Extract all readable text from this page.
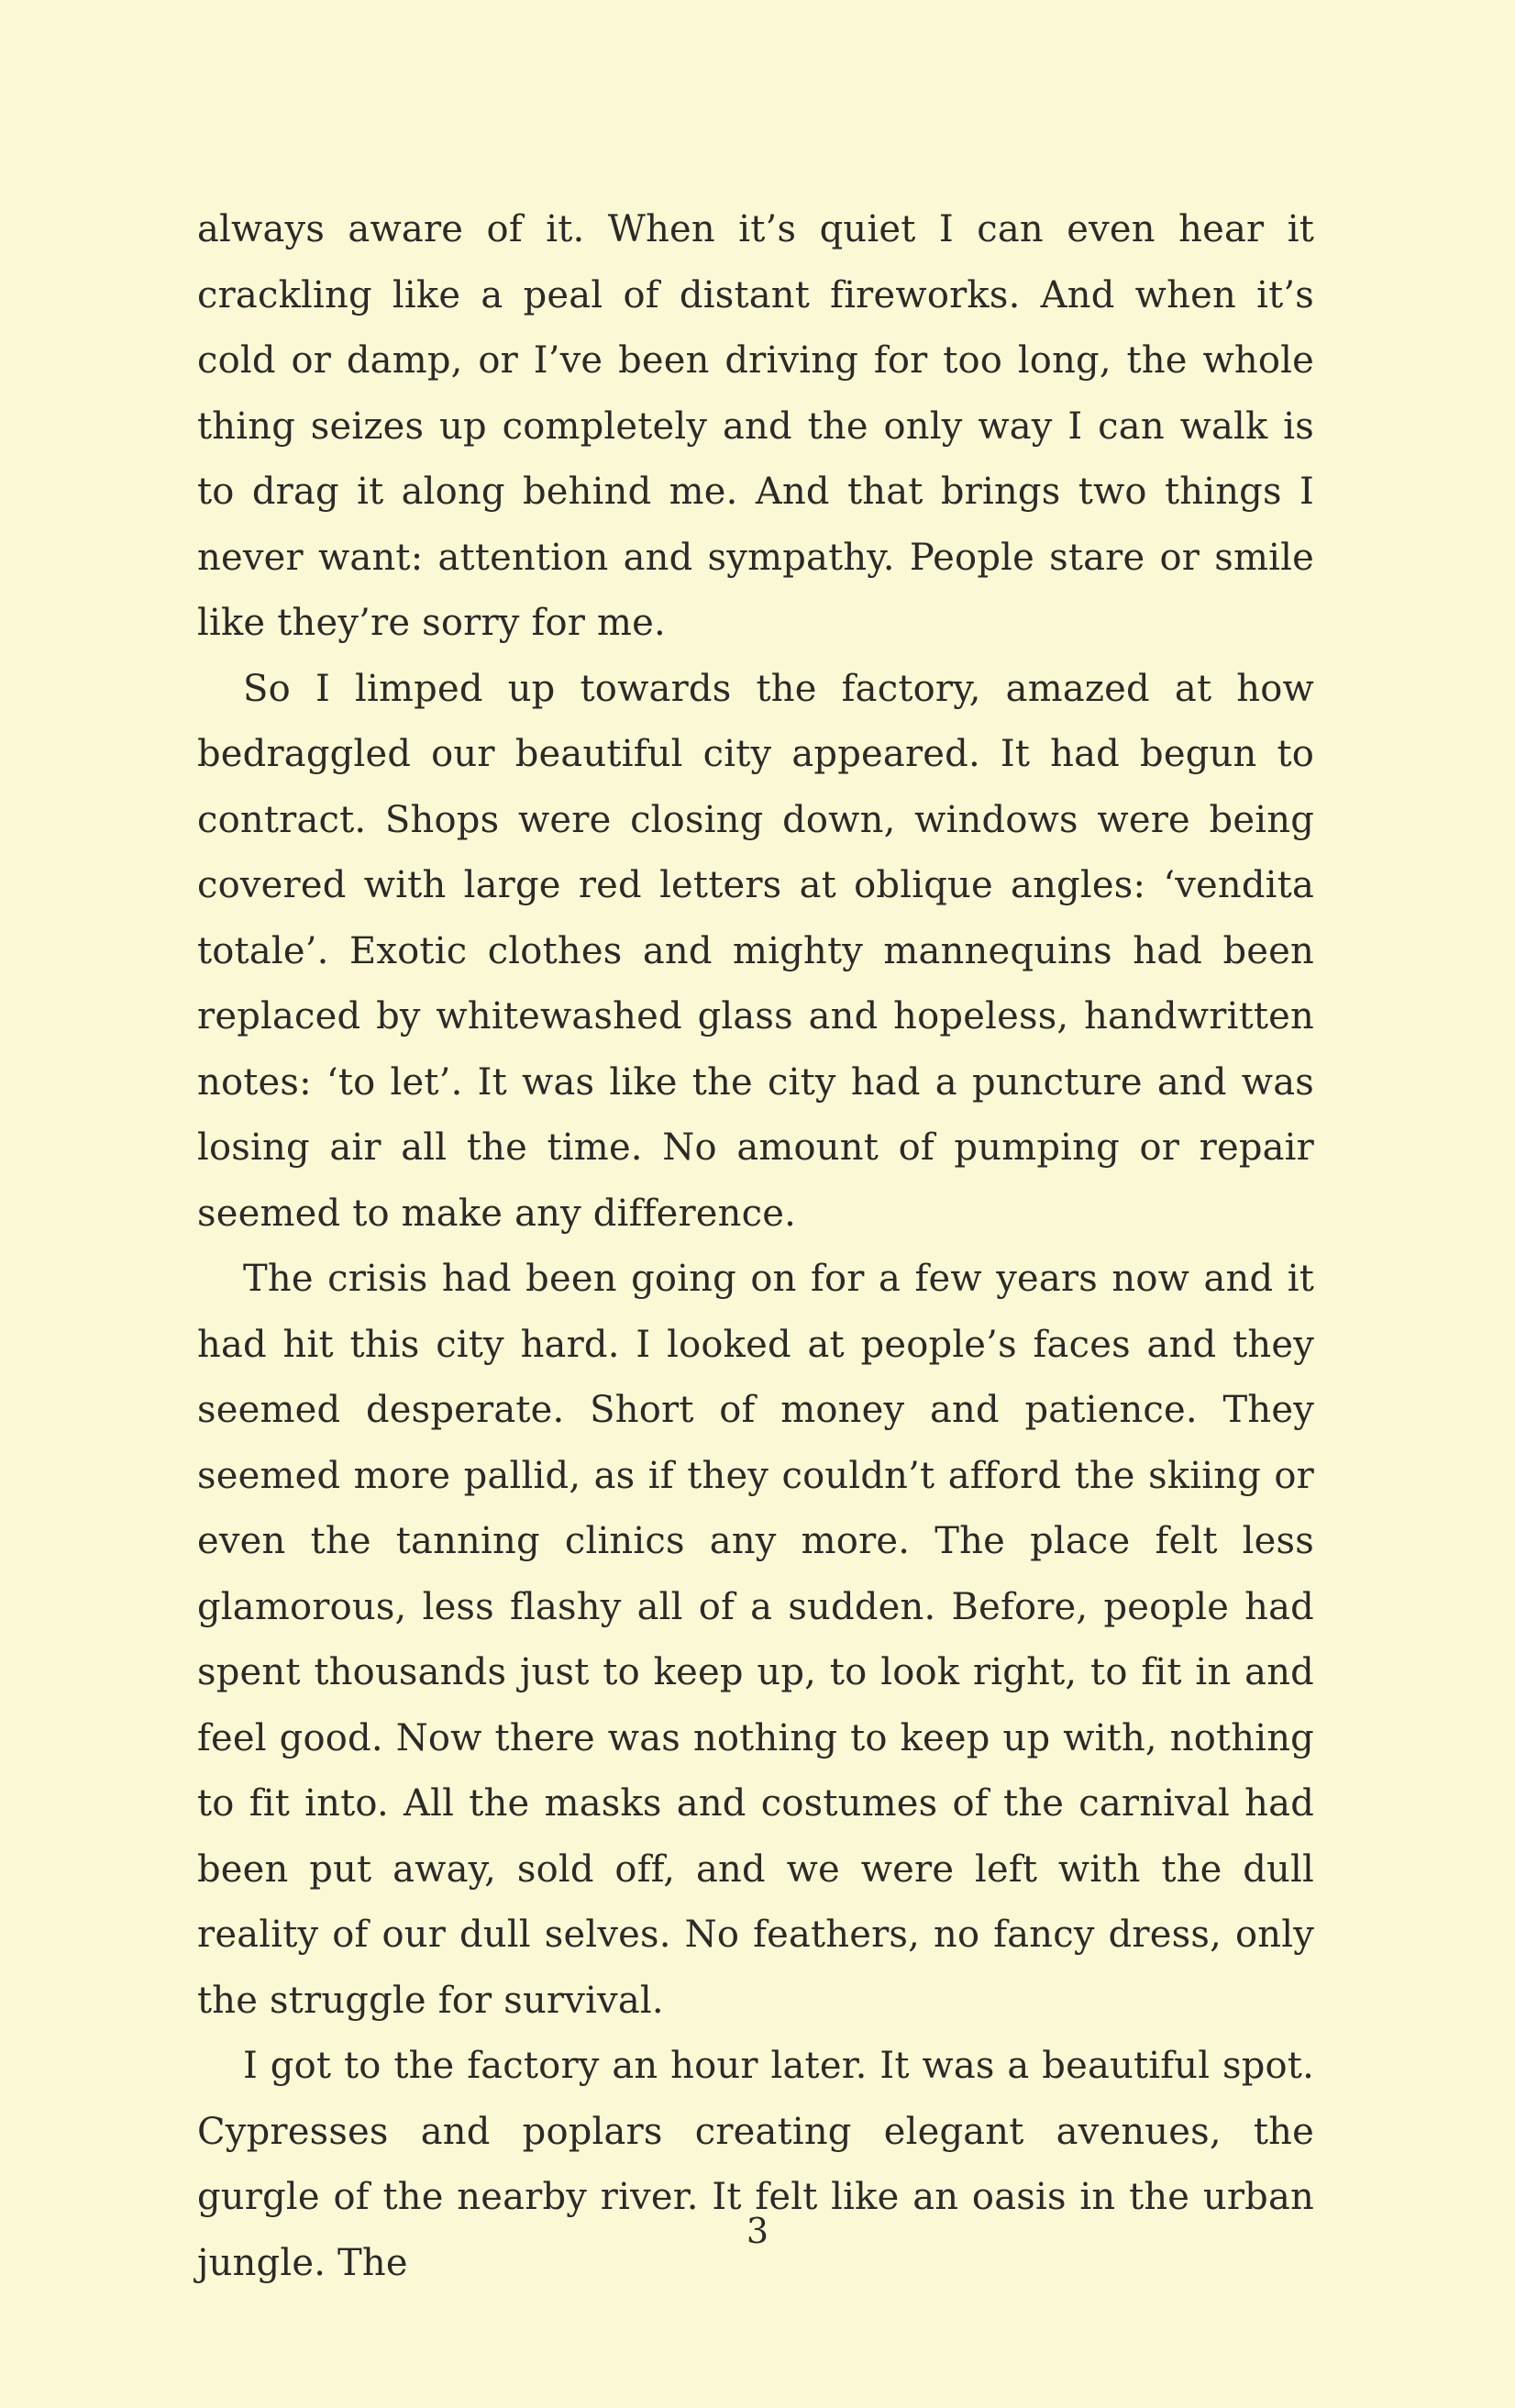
always aware of it. When it’s quiet I can even hear it crackling like a peal of distant fireworks. And when it’s cold or damp, or I’ve been driving for too long, the whole thing seizes up completely and the only way I can walk is to drag it along behind me. And that brings two things I never want: attention and sympathy. People stare or smile like they’re sorry for me.

So I limped up towards the factory, amazed at how bedraggled our beautiful city appeared. It had begun to contract. Shops were closing down, windows were being covered with large red letters at oblique angles: ‘vendita totale’. Exotic clothes and mighty mannequins had been replaced by whitewashed glass and hopeless, handwritten notes: ‘to let’. It was like the city had a puncture and was losing air all the time. No amount of pumping or repair seemed to make any difference.

The crisis had been going on for a few years now and it had hit this city hard. I looked at people’s faces and they seemed desperate. Short of money and patience. They seemed more pallid, as if they couldn’t afford the skiing or even the tanning clinics any more. The place felt less glamorous, less flashy all of a sudden. Before, people had spent thousands just to keep up, to look right, to fit in and feel good. Now there was nothing to keep up with, nothing to fit into. All the masks and costumes of the carnival had been put away, sold off, and we were left with the dull reality of our dull selves. No feathers, no fancy dress, only the struggle for survival.

I got to the factory an hour later. It was a beautiful spot. Cypresses and poplars creating elegant avenues, the gurgle of the nearby river. It felt like an oasis in the urban jungle. The

3
